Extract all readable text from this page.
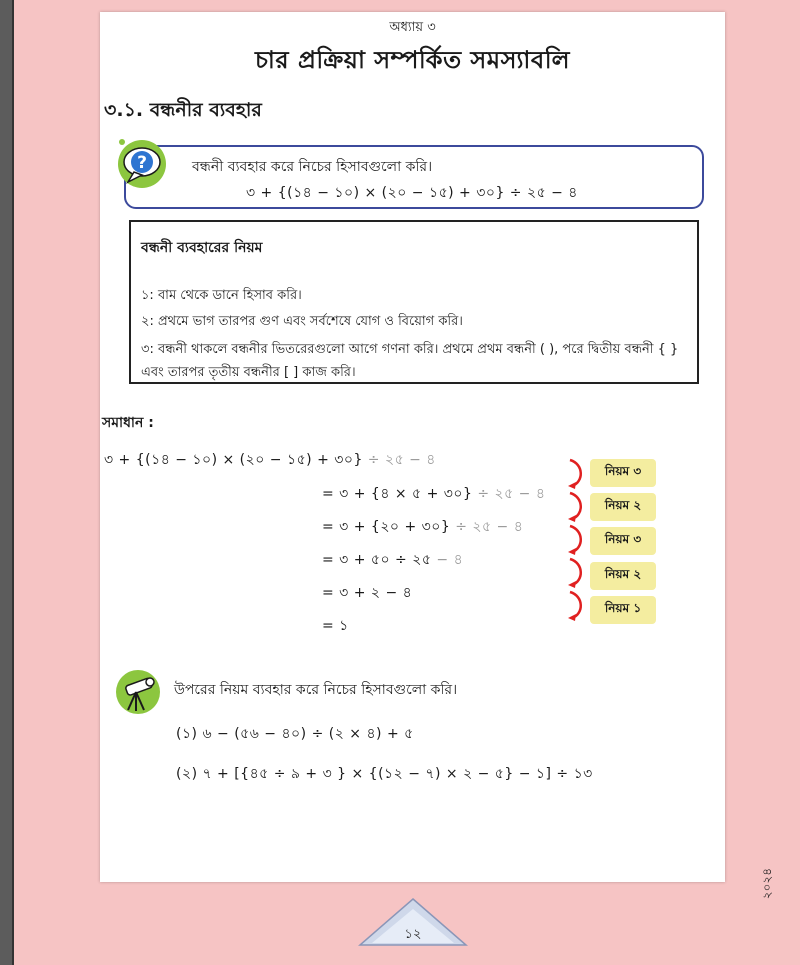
অধ্যায় ৩
চার প্রক্রিয়া সম্পর্কিত সমস্যাবলি
৩.১. বন্ধনীর ব্যবহার
বন্ধনী ব্যবহার করে নিচের হিসাবগুলো করি।
৩ + {(১৪ − ১০) × (২০ − ১৫) + ৩০} ÷ ২৫ − ৪
?
বন্ধনী ব্যবহারের নিয়ম
১: বাম থেকে ডানে হিসাব করি।
২: প্রথমে ভাগ তারপর গুণ এবং সর্বশেষে যোগ ও বিয়োগ করি।
৩: বন্ধনী থাকলে বন্ধনীর ভিতরেরগুলো আগে গণনা করি। প্রথমে প্রথম বন্ধনী ( ), পরে দ্বিতীয় বন্ধনী { }এবং তারপর তৃতীয় বন্ধনীর [ ] কাজ করি।
সমাধান :
৩ + {(১৪ − ১০) × (২০ − ১৫) + ৩০} ÷ ২৫ − ৪
= ৩ + {৪ × ৫ + ৩০} ÷ ২৫ − ৪
= ৩ + {২০ + ৩০} ÷ ২৫ − ৪
= ৩ + ৫০ ÷ ২৫ − ৪
= ৩ + ২ − ৪
= ১
নিয়ম ৩
নিয়ম ২
নিয়ম ৩
নিয়ম ২
নিয়ম ১
উপরের নিয়ম ব্যবহার করে নিচের হিসাবগুলো করি।
(১) ৬ − (৫৬ − ৪০) ÷ (২ × ৪) + ৫
(২) ৭ + [{৪৫ ÷ ৯ + ৩ } × {(১২ − ৭) × ২ − ৫} − ১] ÷ ১৩
২০২৪
১২
